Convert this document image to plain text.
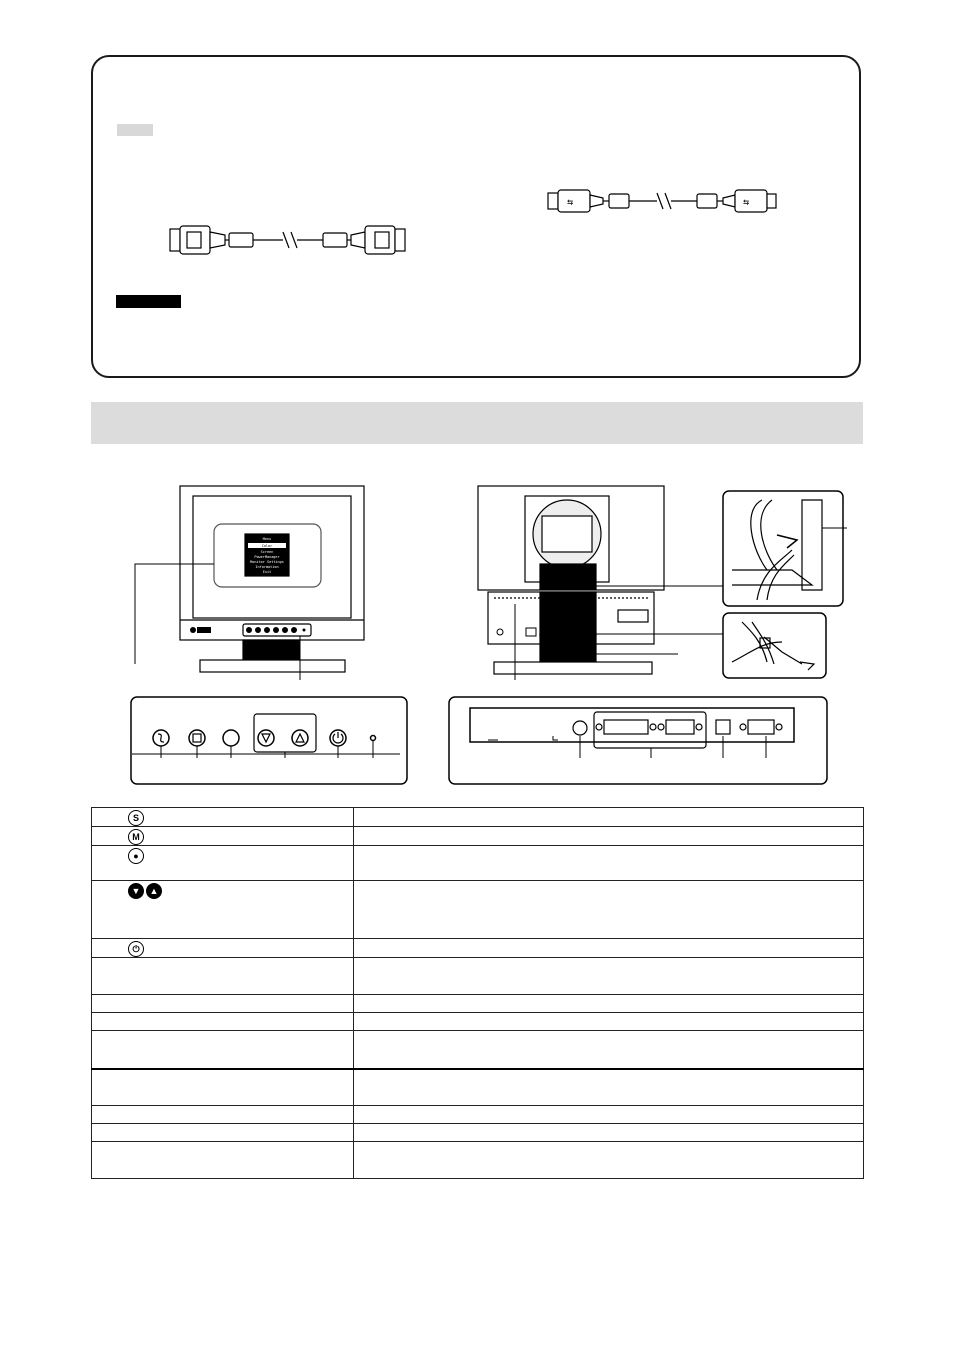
⇆	⇆
Menu
Color
Screen
PowerManager
Monitor Settings
Information
Exit
S	
M	
●	
▼ ▲	
⏻	
